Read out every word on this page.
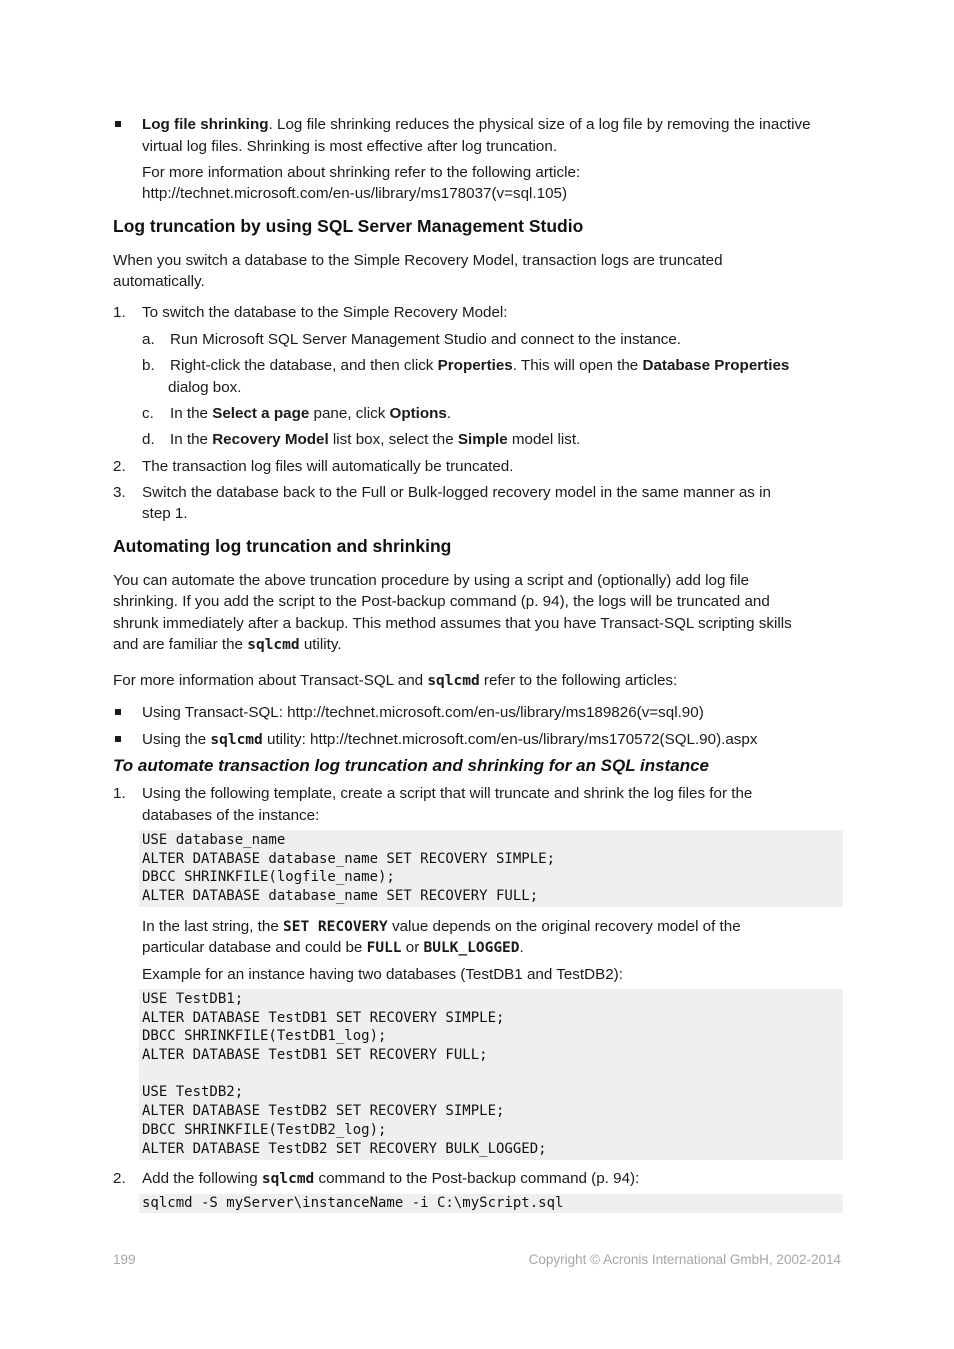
Log file shrinking. Log file shrinking reduces the physical size of a log file by removing the inactive
virtual log files. Shrinking is most effective after log truncation.
For more information about shrinking refer to the following article:
http://technet.microsoft.com/en-us/library/ms178037(v=sql.105)
Log truncation by using SQL Server Management Studio
When you switch a database to the Simple Recovery Model, transaction logs are truncated
automatically.
1. To switch the database to the Simple Recovery Model:
a. Run Microsoft SQL Server Management Studio and connect to the instance.
b. Right-click the database, and then click Properties. This will open the Database Properties
dialog box.
c. In the Select a page pane, click Options.
d. In the Recovery Model list box, select the Simple model list.
2. The transaction log files will automatically be truncated.
3. Switch the database back to the Full or Bulk-logged recovery model in the same manner as in
step 1.
Automating log truncation and shrinking
You can automate the above truncation procedure by using a script and (optionally) add log file
shrinking. If you add the script to the Post-backup command (p. 94), the logs will be truncated and
shrunk immediately after a backup. This method assumes that you have Transact-SQL scripting skills
and are familiar the sqlcmd utility.
For more information about Transact-SQL and sqlcmd refer to the following articles:
Using Transact-SQL: http://technet.microsoft.com/en-us/library/ms189826(v=sql.90)
Using the sqlcmd utility: http://technet.microsoft.com/en-us/library/ms170572(SQL.90).aspx
To automate transaction log truncation and shrinking for an SQL instance
1. Using the following template, create a script that will truncate and shrink the log files for the
databases of the instance:
USE database_name
ALTER DATABASE database_name SET RECOVERY SIMPLE;
DBCC SHRINKFILE(logfile_name);
ALTER DATABASE database_name SET RECOVERY FULL;
In the last string, the SET RECOVERY value depends on the original recovery model of the
particular database and could be FULL or BULK_LOGGED.
Example for an instance having two databases (TestDB1 and TestDB2):
USE TestDB1;
ALTER DATABASE TestDB1 SET RECOVERY SIMPLE;
DBCC SHRINKFILE(TestDB1_log);
ALTER DATABASE TestDB1 SET RECOVERY FULL;
USE TestDB2;
ALTER DATABASE TestDB2 SET RECOVERY SIMPLE;
DBCC SHRINKFILE(TestDB2_log);
ALTER DATABASE TestDB2 SET RECOVERY BULK_LOGGED;
2. Add the following sqlcmd command to the Post-backup command (p. 94):
sqlcmd -S myServer\instanceName -i C:\myScript.sql
199	Copyright © Acronis International GmbH, 2002-2014
